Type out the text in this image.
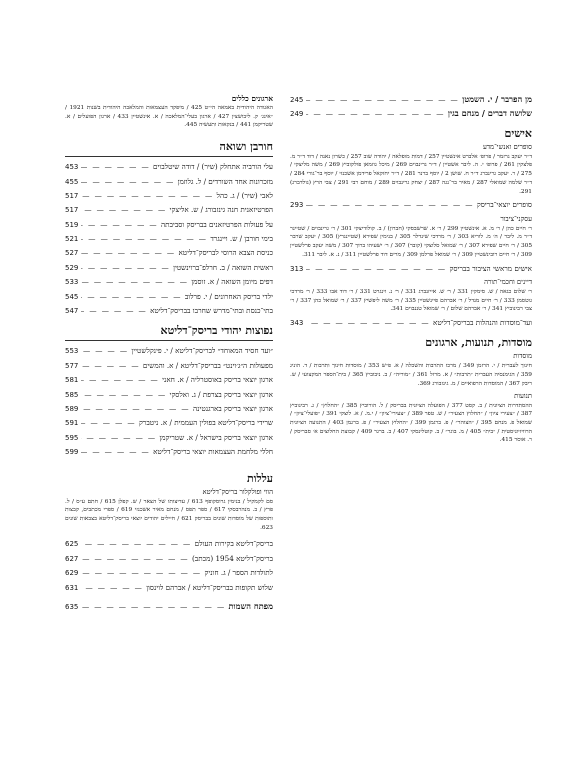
מן הפרבר / י. השמטן
— — —
245
שלושה דברים / מנחם בגין
— — —
249
אישים
סופרים ואנשי־מדע
ד״ר יעקב גרזמר / פרופ׳ אלברט אינשטיין 257 / דמות מופלאה / יהודה שוב 257 / כשרון נאנה / דוד ד״ר מ. פלצקין 261 / פרופ׳ י. ה. ליבר אשטיין / ד״ר גרינבוים 269 / מיכל גוזמאן פולקוביץ 269 / משה מליצקי / 275 / ר. יעקב גרינברג ד״ר ח. שושן 2 / יוסף ברנר 281 / ד״ר יחזקאל פרידמן אשכנזי / יוסף בר־גורי 284 / ד״ר שלמה שמואלי 287 / מאיר בר־נגה 287 / יצחק גרינבוים 289 / מוחם רבי 291 / צבי הרץ (גולדברג) 291.
סופרים יוצאי־בריסק
— — —
293
עסקני־ציבור
ר׳ חיים כהן / ר׳ מ. א. אינשטיין 299 / ר׳ א. שרשבסקי (חברון) / ב. קולודיצקי 301 / ר׳ גרינבוים / שטיינר ד״ר מ. ליבר / ה׳ מ. לוריא 303 / ר׳ מרדכי שינדלר 305 / בנימין שפירא (שטיינגרץ) 305 / יעקב שרבר 305 / ר׳ חיים שפירא 307 / ר׳ שמואל סלוצקי (קובר) 307 / ר׳ ישעיהו ברוך 307 / משה יעקב פרלשטיין 309 / ר׳ חיים רובינשטיין 309 / ר׳ שמואל פרלמן 309 / מרים דוד פרלשטיין 311 / נ. א. ליבר 311.
אישים מראשי הציבור בבריסק
— — —
313
דיינים וחכמי־תורה
ר׳ שלום כגאה / ש. סימקין 331 / ר׳ ש. אייזנברג 331 / ר׳ נ. וינגרט 331 / ר׳ דוד אבו 333 / ר׳ מרדכי גוטסמן 333 / ר׳ חיים מנדל / ר׳ אברהם פיינשטיין 335 / ר׳ משה ליפשיץ 337 / ר׳ שמואל כהן 337 / ר׳ צבי רבינוביץ 341 / ר׳ אברהם שלום / ר׳ שמואל טננבוים 341.
ועד־מוסדות והנהלות בבריסק־דליטא
— — —
343
מוסדות, תנועות, ארגונים
מוסדות
חינוך לעברית / י. הרזמן 349 / מרכז התרבות והשכלה / א. פ״ש 353 / מוסדות חינוך ותרבות / ד. הוניג 359 / הגימנסיה העברית ״תרבות״ / א. מרזל 361 / ״מוריה״ / ב. ניבוביץ 365 / בית־הספר המקצועי / ש. ריבק 367 / המוסדות הרפואיים / מ. גינזבורג 369.
תנועות
ההסתדרות הציונית / ב. קסט 377 / הפועלה הציונית בבריסק / ל. הורוביץ 385 / ״החלוץ״ / ג. רבינוביץ 387 / ״צעירי ציון״ / ״החלוץ הצעיר״ / ש. טפר 389 / ״צעירי־ציון״ / י.מ. / א. לוצקי 391 / ״פועלי־ציון״ / שמואל פ. מנחם 395 / ״הצוהר״ / פ. ברגמן 399 / ״החלוץ הצעיר״ / פ. ברגמן 403 / התנועה הציונית הרוויזיוניסטית / ״בית״ 405 / מ. בוגר״ / ב. קוטלינסקי 407 / ב. ברגר 409 / קבוצת החלוצים א׳ סבריסק / ר. אוסר 415.
ארגונים כללים
האגודה היהודית באמאה הי״ט 425 / מיפקד העצמאות והמלאכה היהודית בשנות 1921 / ״אינג׳ ק. ליבושצין 427 / ארגון בעלי־המלאכה / א. אינשטיין 433 / ארגון הפועלים / א. שטריקמן 441 / בנקאות ותעשיה 445.
חורבן ושואה
עלי הורביה אתחלק (שיר) / דודה שיטלבוים
— — —
453
מזכרונות אחד השורדים / ל. גלוזמן
— — —
455
לאבי (שיר) / ג. כהל
— — —
517
הפרטיזאנית חנה גינזבורג / ש. אליצקי
— — —
517
על פעולות הפרטיזאנים בבריסק וסביבתה
— — —
519
בימי חורבן / ש. ויינגרד
— — —
521
כניסת הצבא הרוסי לבריסק־דליטא
— — —
527
ראשית השואה / ב. חרלפ־ברוינשטין
— — —
529
דפים מיומן השואה / א. זוסמן
— — —
533
ילדי בריסק האחרונים / י. פרלוב
— — —
545
בתי־כנסת ובתי־מדרש שחרבו בבריסק־דליטא
— — —
547
נפוצות יהודי בריסק־דליטא
״ועד חסיד המאוחד״ לבריסק־דליטא / י. פינקלשטיין
— — —
553
מפעולות ה״ג׳וינט״ בבריסק־דליטא / א. והמשים
— — —
577
ארגון יוצאי בריסק באוסטרליה / א. חאני
— — —
581
ארגון יוצאי בריסק בצרפת / ג. ואלסקי
— — —
585
ארגון יוצאי בריסק בארגנטינה
— — —
589
שרידי בריסק־דליטא בפולין העממית / א. ניטברק
— — —
591
ארגון יוצאי בריסק בישראל / א. שטריקמן
— — —
595
חללי מלחמת העצמאות יוצאי בריסק־דליטא
— — —
599
עללות
הווי ופולקלור בריסק־דליטא
סם לקמקיל / בנימין גרוסקופף 613 / עדיצותו של הצאר / ש. קפלן 615 / חתם ע״ס / ל. פרץ / ב. מנהרבסקי 617 / ספר תפס / מנחם מאיר אשכנזי 619 / ספרי מכתבים, קבצות ותוספות של מוסדות שונים בבריסק 621 / חיילים יהודים יוצאי בריסק־דליטא בצבאות שונים 623.
בריסק־דליטא בקירות העולם
— — —
625
בריסק־דליטא 1954 (מכתב)
— — —
627
לתולדות הספר / ג. חוניק
— — —
629
שלוש תקופות בבריסק־דליטא / אברהם לוינסון
— — —
631
מפתח השמות
— — —
635
